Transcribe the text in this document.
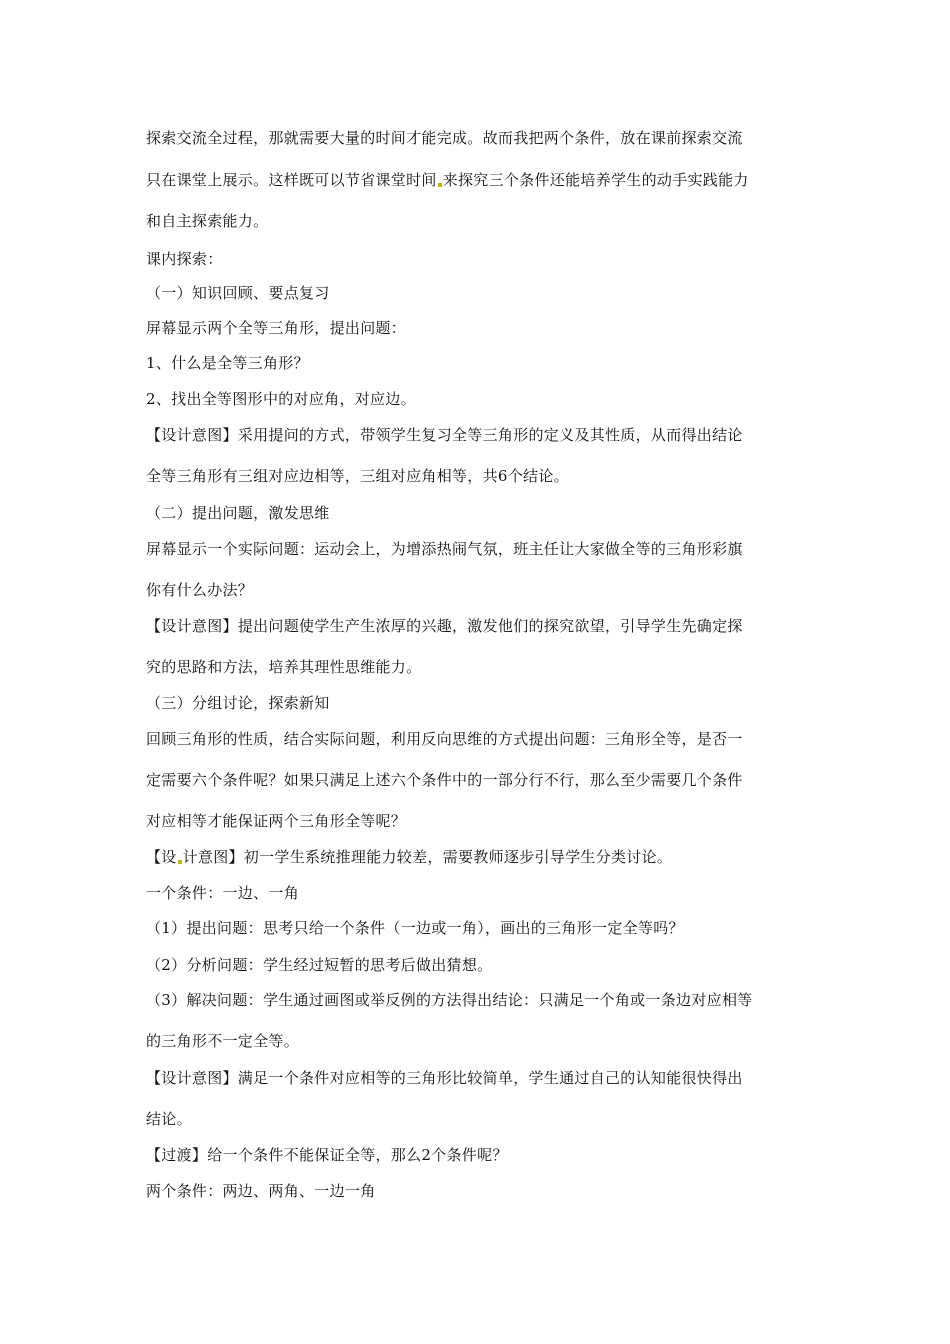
探索交流全过程，那就需要大量的时间才能完成。故而我把两个条件，放在课前探索交流
只在课堂上展示。这样既可以节省课堂时间 来探究三个条件还能培养学生的动手实践能力
和自主探索能力。
课内探索：
（一）知识回顾、要点复习
屏幕显示两个全等三角形，提出问题：
1、什么是全等三角形？
2、找出全等图形中的对应角，对应边。
【设计意图】采用提问的方式，带领学生复习全等三角形的定义及其性质，从而得出结论
全等三角形有三组对应边相等，三组对应角相等，共6个结论。
（二）提出问题，激发思维
屏幕显示一个实际问题：运动会上，为增添热闹气氛，班主任让大家做全等的三角形彩旗
你有什么办法？
【设计意图】提出问题使学生产生浓厚的兴趣，激发他们的探究欲望，引导学生先确定探
究的思路和方法，培养其理性思维能力。
（三）分组讨论，探索新知
回顾三角形的性质，结合实际问题，利用反向思维的方式提出问题：三角形全等，是否一
定需要六个条件呢？如果只满足上述六个条件中的一部分行不行，那么至少需要几个条件
对应相等才能保证两个三角形全等呢？
【设 计意图】初一学生系统推理能力较差，需要教师逐步引导学生分类讨论。
一个条件：一边、一角
（1）提出问题：思考只给一个条件（一边或一角），画出的三角形一定全等吗？
（2）分析问题：学生经过短暂的思考后做出猜想。
（3）解决问题：学生通过画图或举反例的方法得出结论：只满足一个角或一条边对应相等
的三角形不一定全等。
【设计意图】满足一个条件对应相等的三角形比较简单，学生通过自己的认知能很快得出
结论。
【过渡】给一个条件不能保证全等，那么2个条件呢？
两个条件：两边、两角、一边一角
